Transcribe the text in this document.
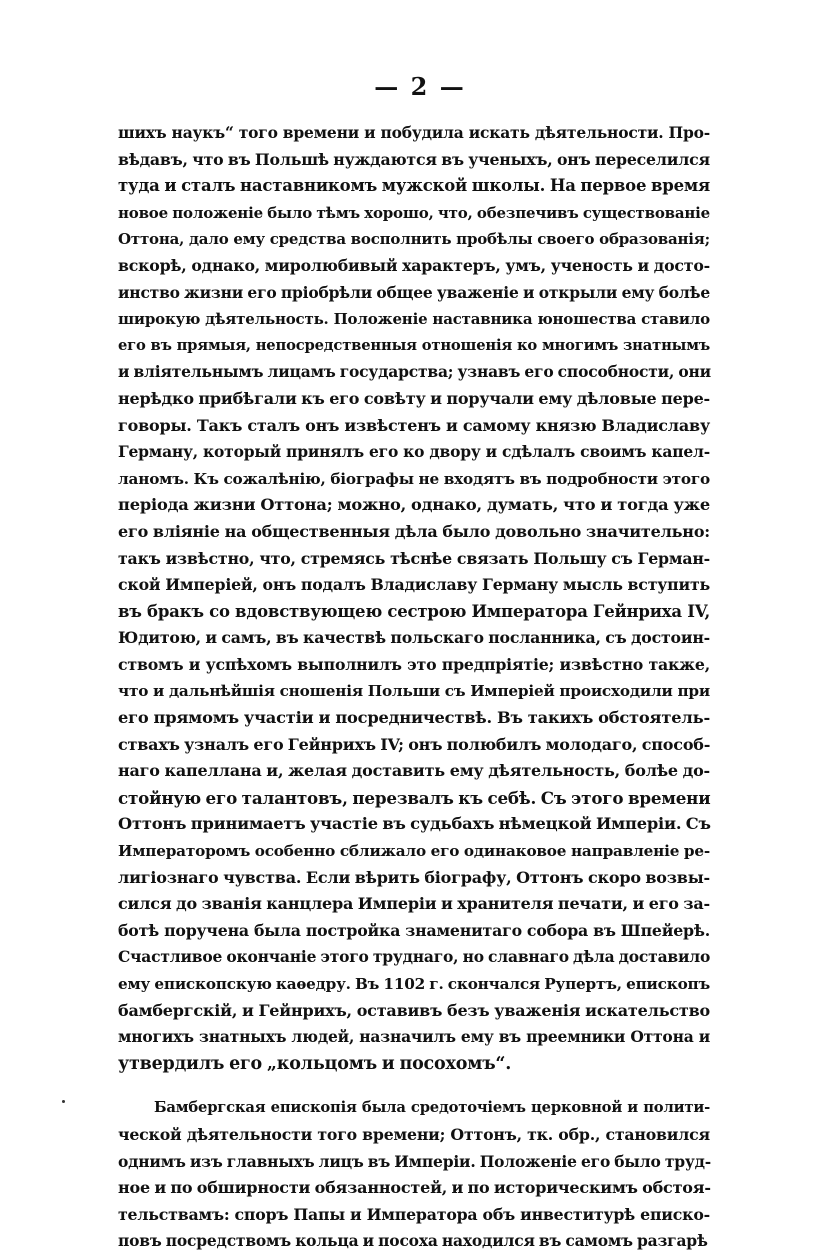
— 2 —
шихъ наукъ“ того времени и побудила искать дѣятельности. Про-
вѣдавъ, что въ Польшѣ нуждаются въ ученыхъ, онъ переселился
туда и сталъ наставникомъ мужской школы. На первое время
новое положенiе было тѣмъ хорошо, что, обезпечивъ существованiе
Оттона, дало ему средства восполнить пробѣлы своего образованiя;
вскорѣ, однако, миролюбивый характеръ, умъ, ученость и досто-
инство жизни его прiобрѣли общее уваженiе и открыли ему болѣе
широкую дѣятельность. Положенiе наставника юношества ставило
его въ прямыя, непосредственныя отношенiя ко многимъ знатнымъ
и влiятельнымъ лицамъ государства; узнавъ его способности, они
нерѣдко прибѣгали къ его совѣту и поручали ему дѣловые пере-
говоры. Такъ сталъ онъ извѣстенъ и самому князю Владиславу
Герману, который принялъ его ко двору и сдѣлалъ своимъ капел-
ланомъ. Къ сожалѣнiю, бiографы не входятъ въ подробности этого
перiода жизни Оттона; можно, однако, думать, что и тогда уже
его влiянiе на общественныя дѣла было довольно значительно:
такъ извѣстно, что, стремясь тѣснѣе связать Польшу съ Герман-
ской Имперiей, онъ подалъ Владиславу Герману мысль вступить
въ бракъ со вдовствующею сестрою Императора Гейнриха IV,
Юдитою, и самъ, въ качествѣ польскаго посланника, съ достоин-
ствомъ и успѣхомъ выполнилъ это предпрiятiе; извѣстно также,
что и дальнѣйшiя сношенiя Польши съ Имперiей происходили при
его прямомъ участiи и посредничествѣ. Въ такихъ обстоятель-
ствахъ узналъ его Гейнрихъ IV; онъ полюбилъ молодаго, способ-
наго капеллана и, желая доставить ему дѣятельность, болѣе до-
стойную его талантовъ, перезвалъ къ себѣ. Съ этого времени
Оттонъ принимаетъ участiе въ судьбахъ нѣмецкой Имперiи. Съ
Императоромъ особенно сближало его одинаковое направленiе ре-
лигiознаго чувства. Если вѣрить бiографу, Оттонъ скоро возвы-
сился до званiя канцлера Имперiи и хранителя печати, и его за-
ботѣ поручена была постройка знаменитаго собора въ Шпейерѣ.
Счастливое окончанiе этого труднаго, но славнаго дѣла доставило
ему епископскую каѳедру. Въ 1102 г. скончался Рупертъ, епископъ
бамбергскiй, и Гейнрихъ, оставивъ безъ уваженiя искательство
многихъ знатныхъ людей, назначилъ ему въ преемники Оттона и
утвердилъ его „кольцомъ и посохомъ“.
Бамбергская епископiя была средоточiемъ церковной и полити-
ческой дѣятельности того времени; Оттонъ, тк. обр., становился
однимъ изъ главныхъ лицъ въ Имперiи. Положенiе его было труд-
ное и по обширности обязанностей, и по историческимъ обстоя-
тельствамъ: споръ Папы и Императора объ инвеститурѣ еписко-
повъ посредствомъ кольца и посоха находился въ самомъ разгарѣ
